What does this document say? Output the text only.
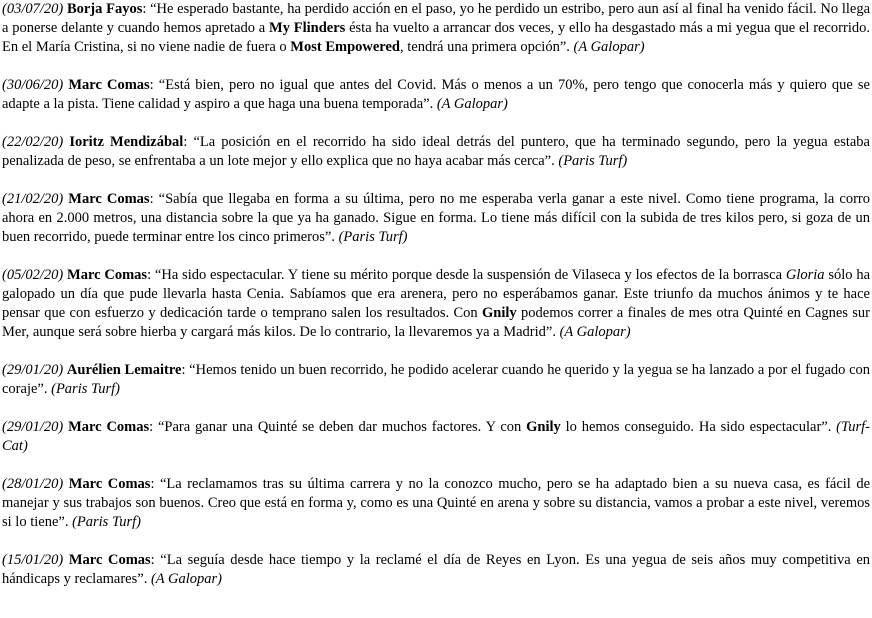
(03/07/20) Borja Fayos: “He esperado bastante, ha perdido acción en el paso, yo he perdido un estribo, pero aun así al final ha venido fácil. No llega a ponerse delante y cuando hemos apretado a My Flinders ésta ha vuelto a arrancar dos veces, y ello ha desgastado más a mi yegua que el recorrido. En el María Cristina, si no viene nadie de fuera o Most Empowered, tendrá una primera opción”. (A Galopar)

(30/06/20) Marc Comas: “Está bien, pero no igual que antes del Covid. Más o menos a un 70%, pero tengo que conocerla más y quiero que se adapte a la pista. Tiene calidad y aspiro a que haga una buena temporada”. (A Galopar)

(22/02/20) Ioritz Mendizábal: “La posición en el recorrido ha sido ideal detrás del puntero, que ha terminado segundo, pero la yegua estaba penalizada de peso, se enfrentaba a un lote mejor y ello explica que no haya acabar más cerca”. (Paris Turf)

(21/02/20) Marc Comas: “Sabía que llegaba en forma a su última, pero no me esperaba verla ganar a este nivel. Como tiene programa, la corro ahora en 2.000 metros, una distancia sobre la que ya ha ganado. Sigue en forma. Lo tiene más difícil con la subida de tres kilos pero, si goza de un buen recorrido, puede terminar entre los cinco primeros”. (Paris Turf)

(05/02/20) Marc Comas: “Ha sido espectacular. Y tiene su mérito porque desde la suspensión de Vilaseca y los efectos de la borrasca Gloria sólo ha galopado un día que pude llevarla hasta Cenia. Sabíamos que era arenera, pero no esperábamos ganar. Este triunfo da muchos ánimos y te hace pensar que con esfuerzo y dedicación tarde o temprano salen los resultados. Con Gnily podemos correr a finales de mes otra Quinté en Cagnes sur Mer, aunque será sobre hierba y cargará más kilos. De lo contrario, la llevaremos ya a Madrid”. (A Galopar)

(29/01/20) Aurélien Lemaitre: “Hemos tenido un buen recorrido, he podido acelerar cuando he querido y la yegua se ha lanzado a por el fugado con coraje”. (Paris Turf)

(29/01/20) Marc Comas: “Para ganar una Quinté se deben dar muchos factores. Y con Gnily lo hemos conseguido. Ha sido espectacular”. (Turf-Cat)

(28/01/20) Marc Comas: “La reclamamos tras su última carrera y no la conozco mucho, pero se ha adaptado bien a su nueva casa, es fácil de manejar y sus trabajos son buenos. Creo que está en forma y, como es una Quinté en arena y sobre su distancia, vamos a probar a este nivel, veremos si lo tiene”. (Paris Turf)

(15/01/20) Marc Comas: “La seguía desde hace tiempo y la reclamé el día de Reyes en Lyon. Es una yegua de seis años muy competitiva en hándicaps y reclamares”. (A Galopar)
